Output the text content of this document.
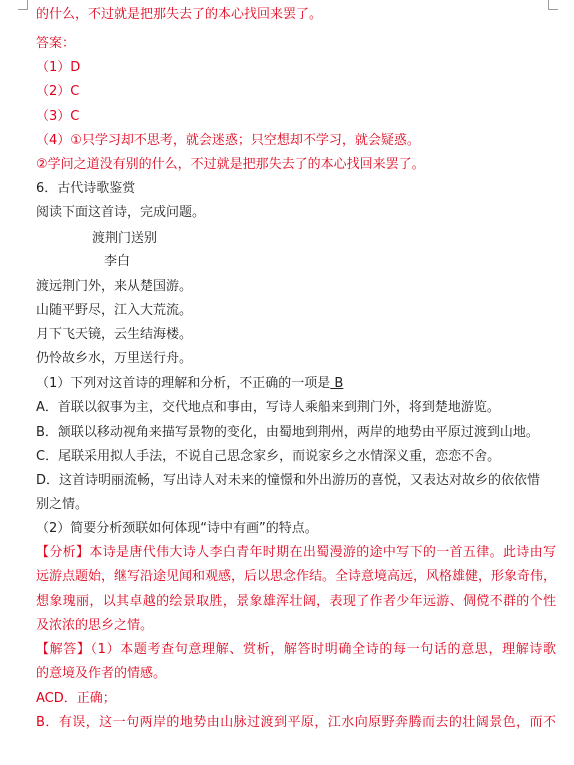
的什么，不过就是把那失去了的本心找回来罢了。
答案：
（1）D
（2）C
（3）C
（4）①只学习却不思考，就会迷惑；只空想却不学习，就会疑惑。
②学问之道没有别的什么，不过就是把那失去了的本心找回来罢了。
6．古代诗歌鉴赏
阅读下面这首诗，完成问题。
渡荆门送别
李白
渡远荆门外，来从楚国游。
山随平野尽，江入大荒流。
月下飞天镜，云生结海楼。
仍怜故乡水，万里送行舟。
（1）下列对这首诗的理解和分析，不正确的一项是 B
A．首联以叙事为主，交代地点和事由，写诗人乘船来到荆门外，将到楚地游览。
B．颔联以移动视角来描写景物的变化，由蜀地到荆州，两岸的地势由平原过渡到山地。
C．尾联采用拟人手法，不说自己思念家乡，而说家乡之水情深义重，恋恋不舍。
D．这首诗明丽流畅，写出诗人对未来的憧憬和外出游历的喜悦，又表达对故乡的依依惜
别之情。
（2）简要分析颈联如何体现“诗中有画”的特点。
【分析】本诗是唐代伟大诗人李白青年时期在出蜀漫游的途中写下的一首五律。此诗由写
远游点题始，继写沿途见闻和观感，后以思念作结。全诗意境高远，风格雄健，形象奇伟，
想象瑰丽，以其卓越的绘景取胜，景象雄浑壮阔，表现了作者少年远游、倜傥不群的个性
及浓浓的思乡之情。
【解答】（1）本题考查句意理解、赏析，解答时明确全诗的每一句话的意思，理解诗歌
的意境及作者的情感。
ACD．正确；
B．有误，这一句两岸的地势由山脉过渡到平原，江水向原野奔腾而去的壮阔景色，而不
